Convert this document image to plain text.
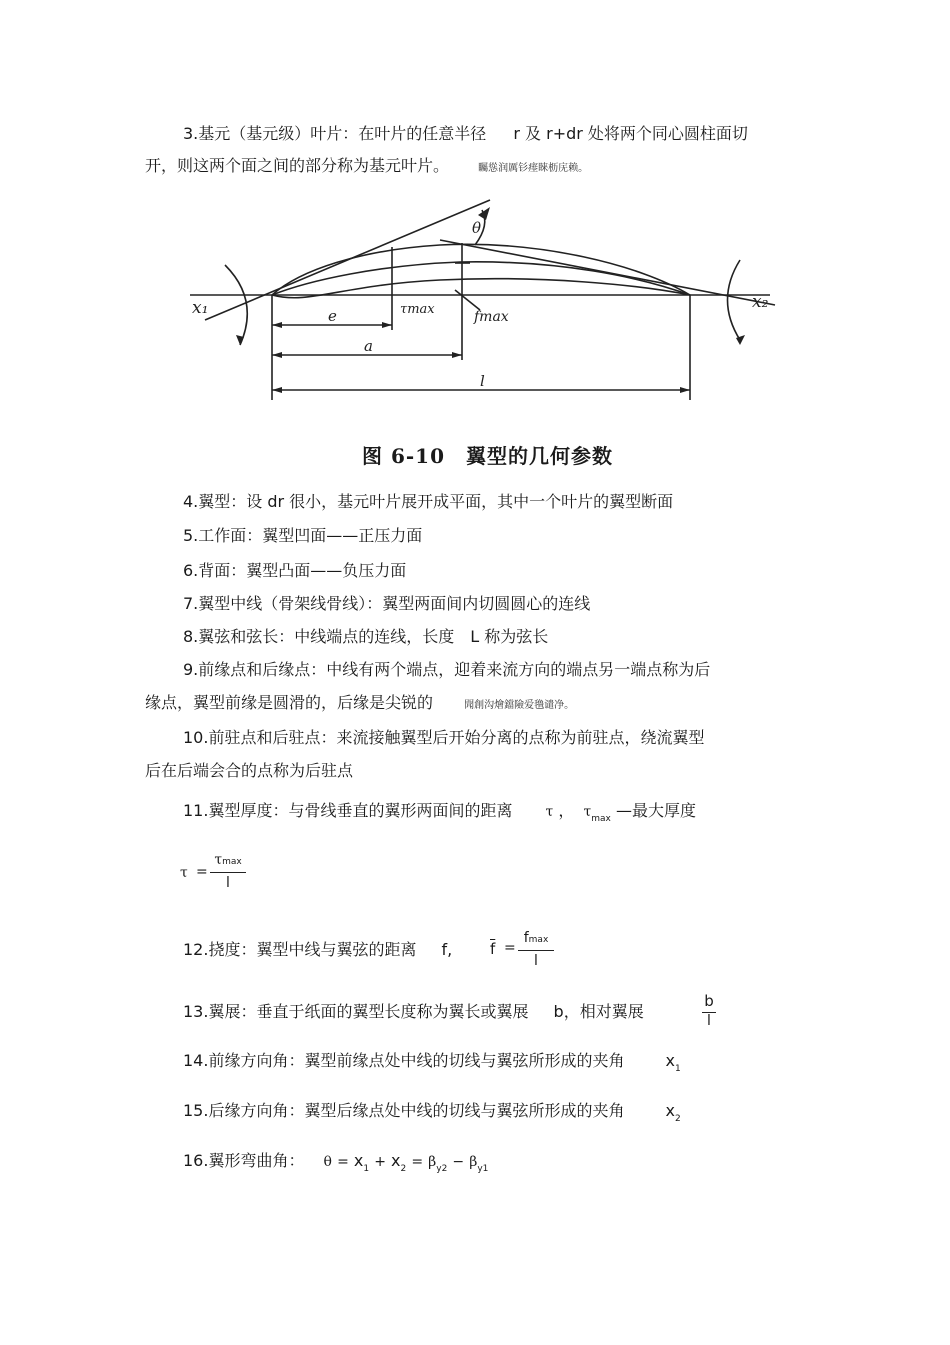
3.基元（基元级）叶片：在叶片的任意半径 r 及 r+dr 处将两个同心圆柱面切
开，则这两个面之间的部分称为基元叶片。	矚慫润厲钐瘗睞枥庑赖。
x₁	x₂
θ
τmax	fmax
e
a
l
图 6-10　翼型的几何参数
4.翼型：设 dr 很小，基元叶片展开成平面，其中一个叶片的翼型断面
5.工作面：翼型凹面——正压力面
6.背面：翼型凸面——负压力面
7.翼型中线（骨架线骨线）：翼型两面间内切圆圆心的连线
8.翼弦和弦长：中线端点的连线，长度　L 称为弦长
9.前缘点和后缘点：中线有两个端点，迎着来流方向的端点另一端点称为后
缘点，翼型前缘是圆滑的，后缘是尖锐的	聞創沟燴鐺險爱氇谴净。
10.前驻点和后驻点：来流接触翼型后开始分离的点称为前驻点，绕流翼型
后在后端会合的点称为后驻点
11.翼型厚度：与骨线垂直的翼形两面间的距离 τ ， $\tau_{max}$ —最大厚度
τ =
τmax
l
12.挠度：翼型中线与翼弦的距离 f,	$\overline{f}$ =
fmax
l
13.翼展：垂直于纸面的翼型长度称为翼长或翼展 b，相对翼展	$\frac{b}{l}$
14.前缘方向角：翼型前缘点处中线的切线与翼弦所形成的夹角	$x_1$
15.后缘方向角：翼型后缘点处中线的切线与翼弦所形成的夹角	$x_2$
16.翼形弯曲角： $\theta = x_1 + x_2 = \beta_{y2} - \beta_{y1}$
